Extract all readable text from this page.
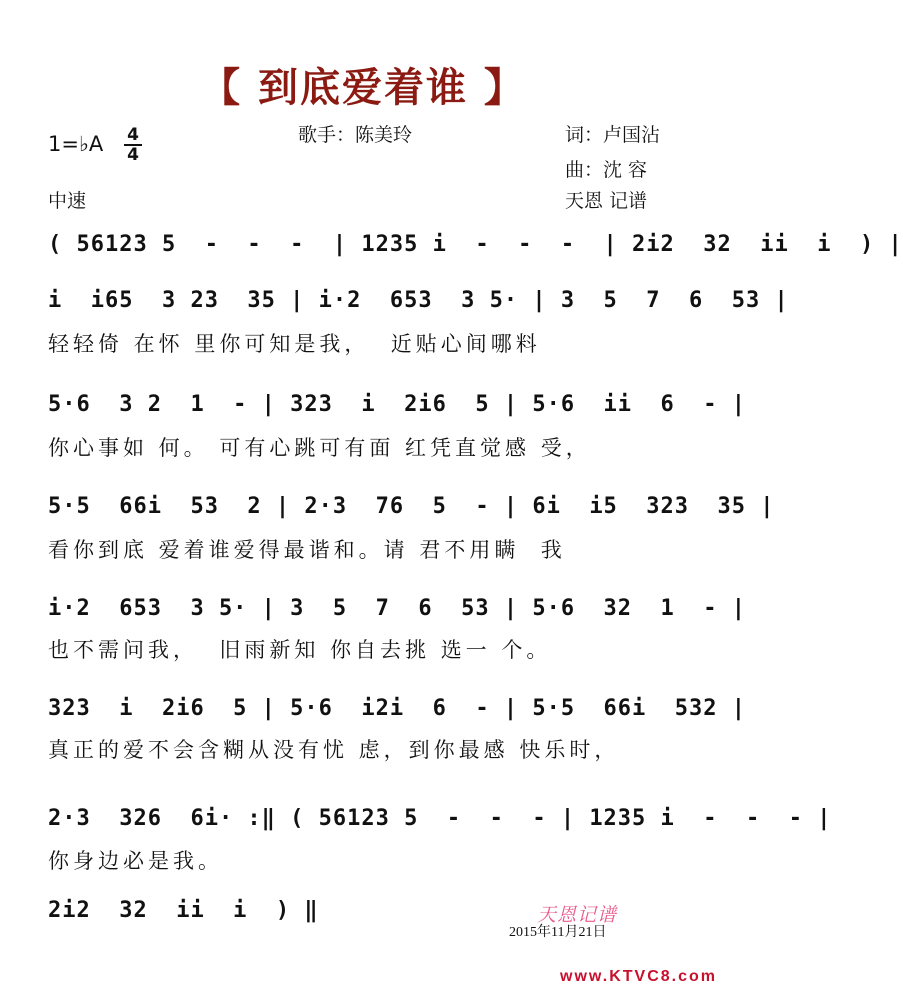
【 到底爱着谁 】
歌手：陈美玲	词：卢国沾
曲：沈 容
天恩 记谱
中速
1=♭A 4
4
( 56123 5  -  -  -  | 1235 i  -  -  -  | 2i2  32  ii  i  ) |
i  i65  3 23  35 | i·2  653  3 5· | 3  5  7  6  53 |
轻轻倚 在怀 里你可知是我，  近贴心间哪料
5·6  3 2  1  - | 323  i  2i6  5 | 5·6  ii  6  - |
你心事如 何。 可有心跳可有面 红凭直觉感 受，
5·5  66i  53  2 | 2·3  76  5  - | 6i  i5  323  35 |
看你到底 爱着谁爱得最谐和。请 君不用瞒  我
i·2  653  3 5· | 3  5  7  6  53 | 5·6  32  1  - |
也不需问我，  旧雨新知 你自去挑 选一 个。
323  i  2i6  5 | 5·6  i2i  6  - | 5·5  66i  532 |
真正的爱不会含糊从没有忧 虑，到你最感 快乐时，
2·3  326  6i· :‖ ( 56123 5  -  -  - | 1235 i  -  -  - |
你身边必是我。
2i2  32  ii  i  ) ‖	天恩记谱
2015年11月21日
www.KTVC8.com
